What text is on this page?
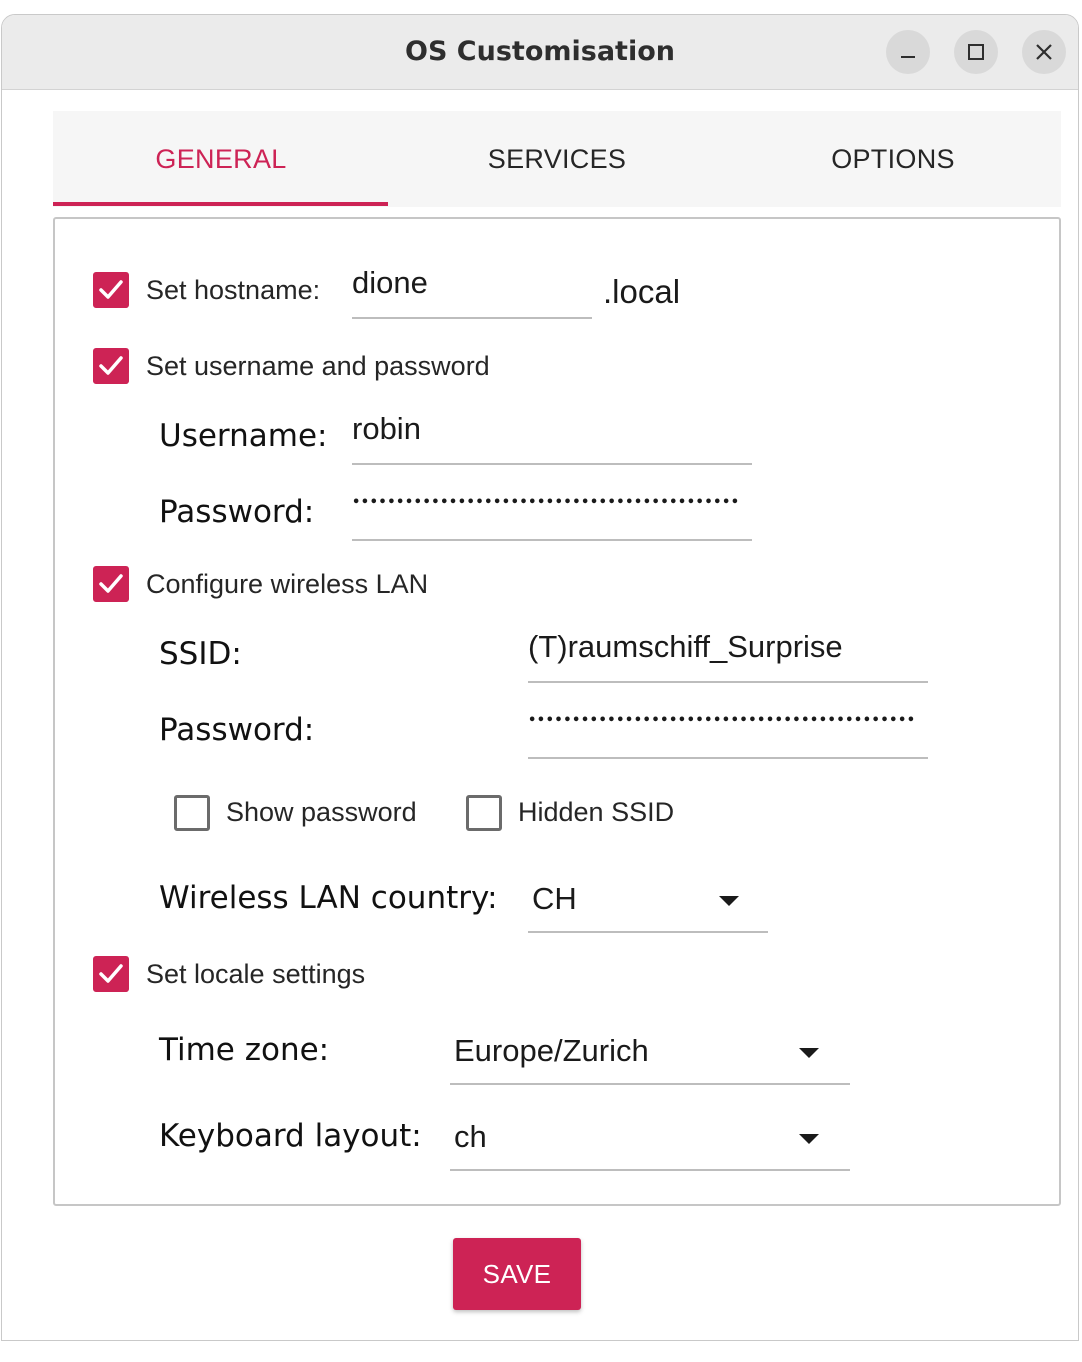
OS Customisation
GENERAL	SERVICES	OPTIONS
Set hostname:
dione	.local
Set username and password
Username:
robin
Password:
••••••••••••••••••••••••••••••••••••••••••••
Configure wireless LAN
SSID:
(T)raumschiff_Surprise
Password:
••••••••••••••••••••••••••••••••••••••••••••
Show password	Hidden SSID
Wireless LAN country: CH
Set locale settings
Time zone:	Europe/Zurich
Keyboard layout: ch
SAVE
